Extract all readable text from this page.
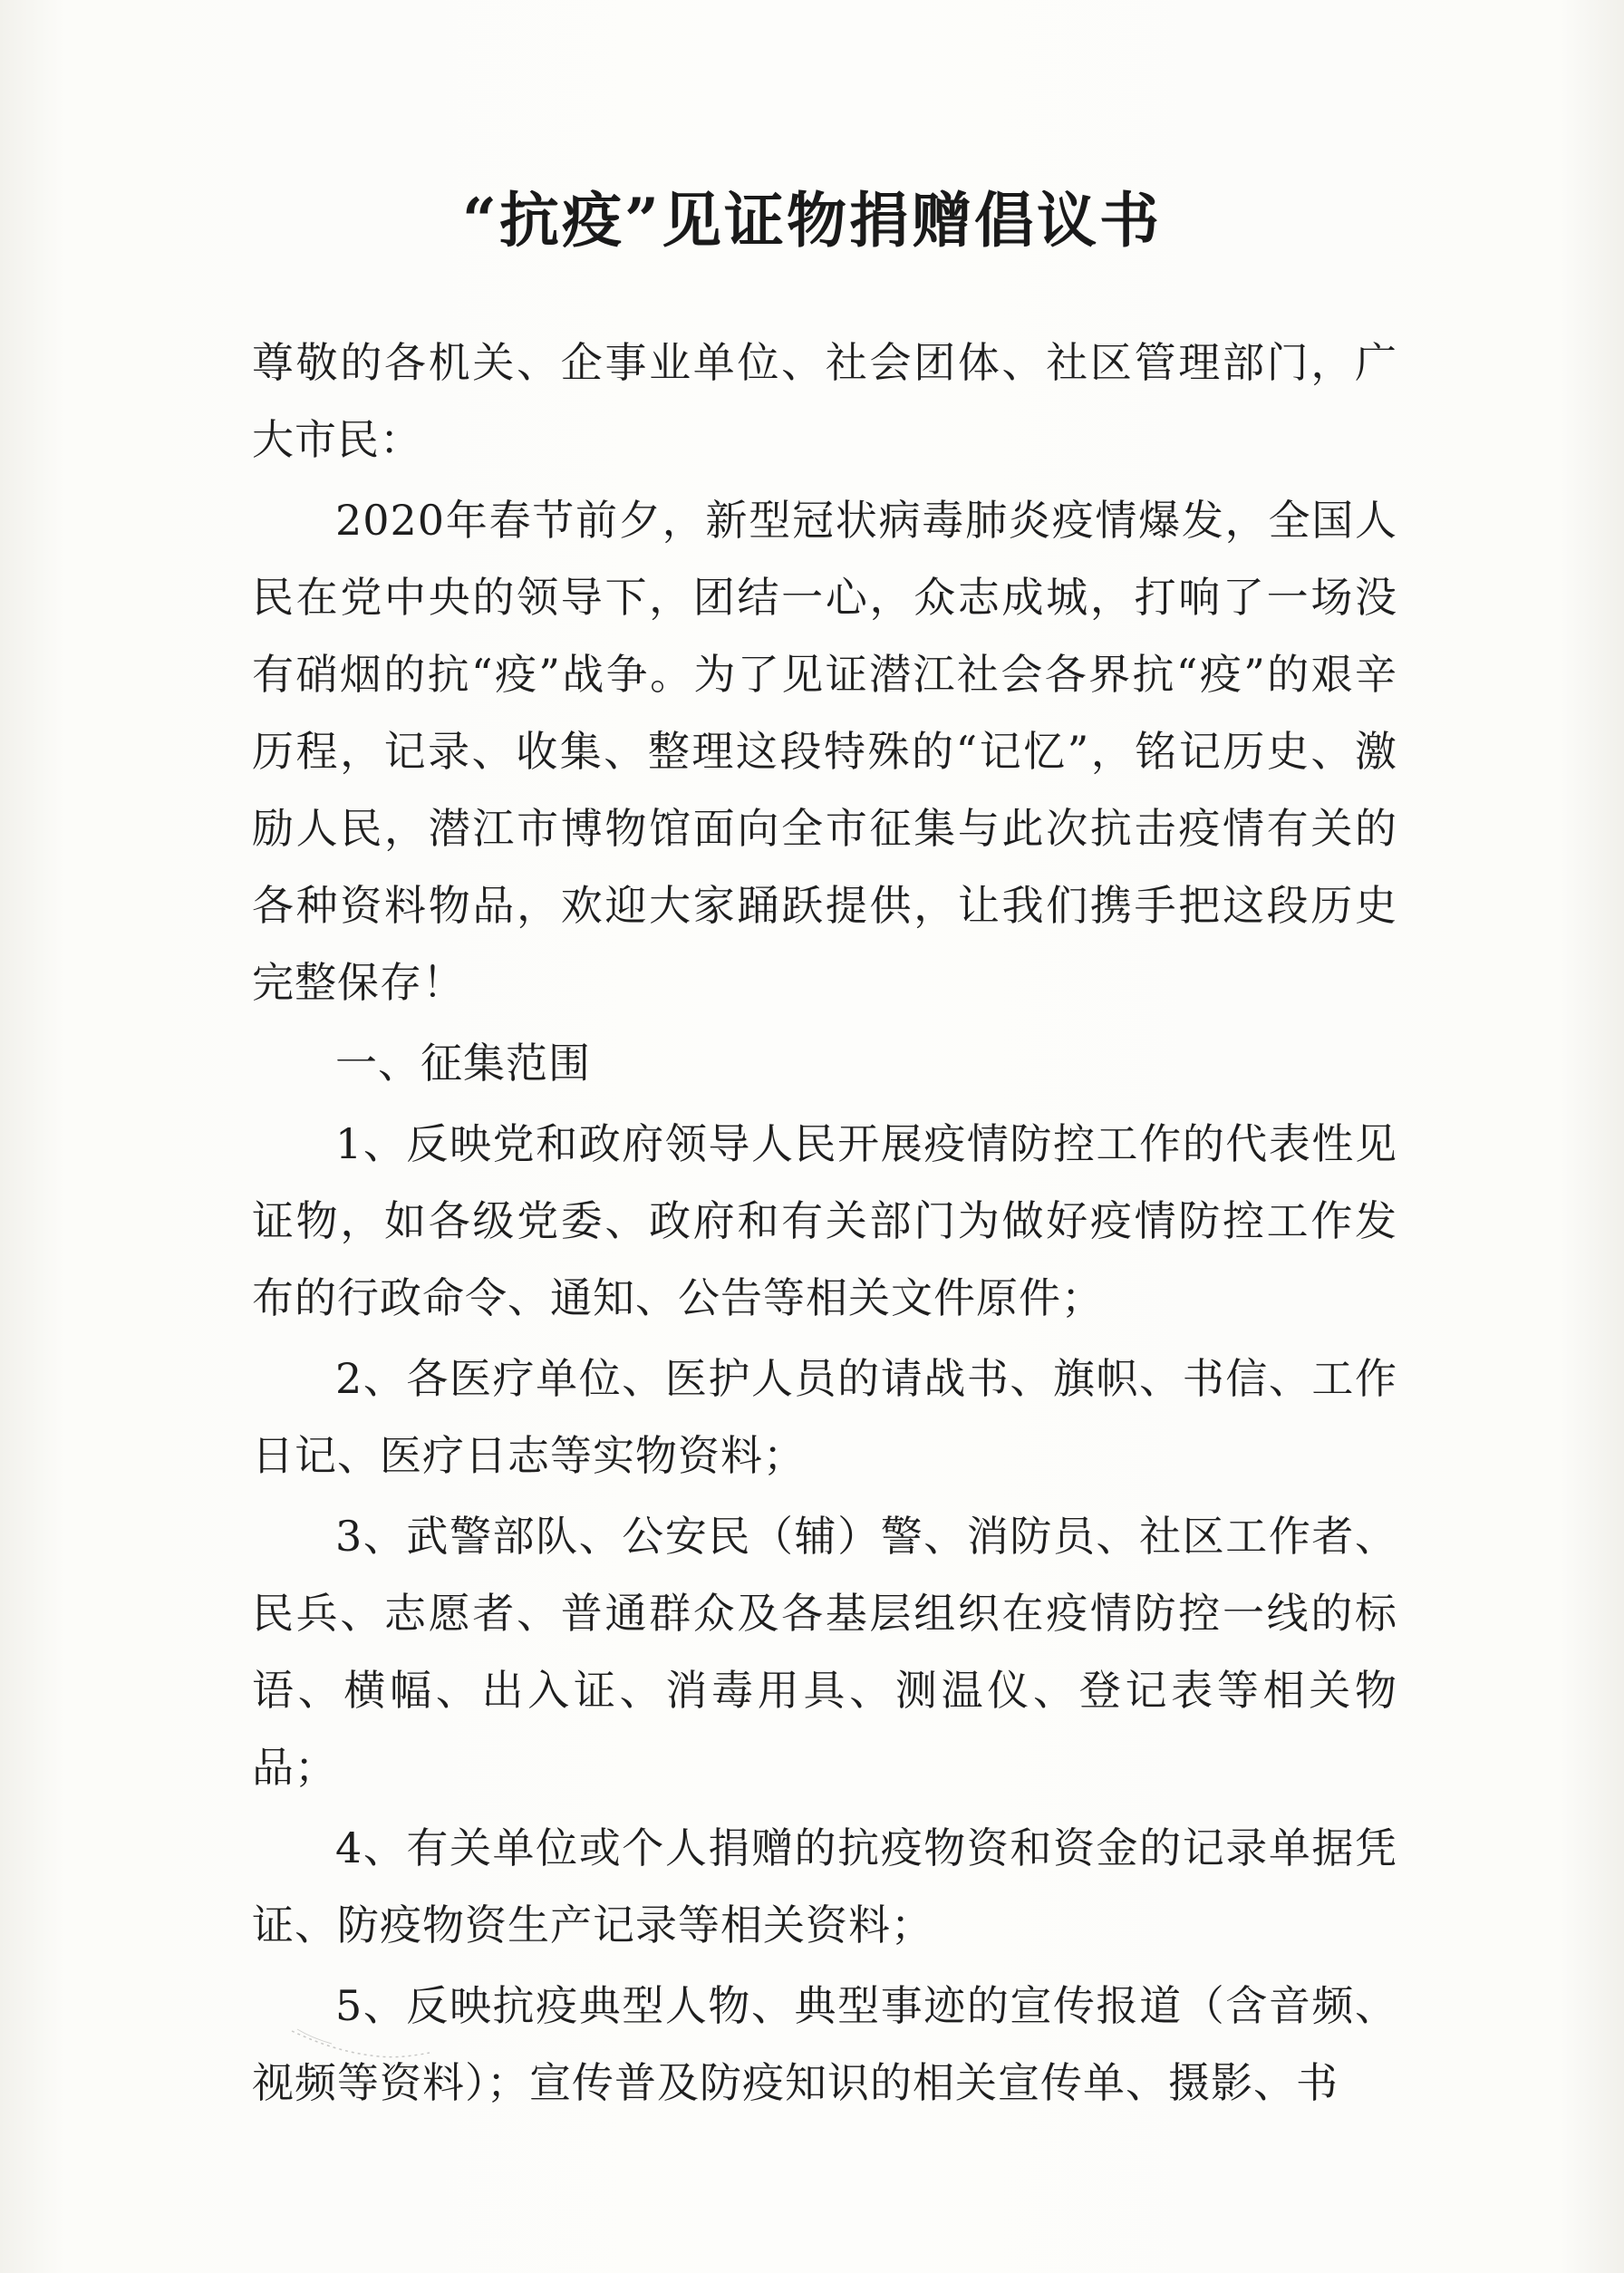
“抗疫”见证物捐赠倡议书

尊敬的各机关、企事业单位、社会团体、社区管理部门，广大市民：

2020年春节前夕，新型冠状病毒肺炎疫情爆发，全国人民在党中央的领导下，团结一心，众志成城，打响了一场没有硝烟的抗“疫”战争。为了见证潜江社会各界抗“疫”的艰辛历程，记录、收集、整理这段特殊的“记忆”，铭记历史、激励人民，潜江市博物馆面向全市征集与此次抗击疫情有关的各种资料物品，欢迎大家踊跃提供，让我们携手把这段历史完整保存！

一、征集范围

1、反映党和政府领导人民开展疫情防控工作的代表性见证物，如各级党委、政府和有关部门为做好疫情防控工作发布的行政命令、通知、公告等相关文件原件；

2、各医疗单位、医护人员的请战书、旗帜、书信、工作日记、医疗日志等实物资料；

3、武警部队、公安民（辅）警、消防员、社区工作者、民兵、志愿者、普通群众及各基层组织在疫情防控一线的标语、横幅、出入证、消毒用具、测温仪、登记表等相关物品；

4、有关单位或个人捐赠的抗疫物资和资金的记录单据凭证、防疫物资生产记录等相关资料；

5、反映抗疫典型人物、典型事迹的宣传报道（含音频、视频等资料）；宣传普及防疫知识的相关宣传单、摄影、书
